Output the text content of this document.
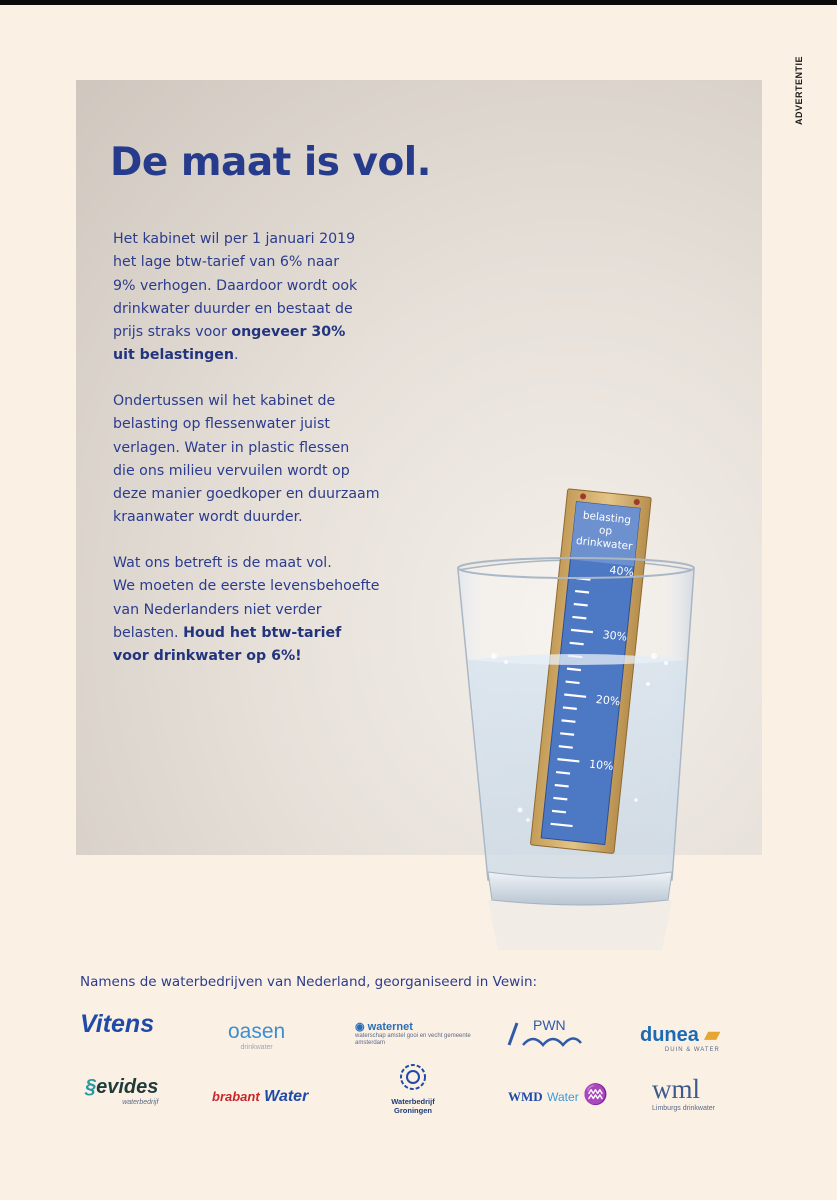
ADVERTENTIE
De maat is vol.

Het kabinet wil per 1 januari 2019
het lage btw-tarief van 6% naar
9% verhogen. Daardoor wordt ook
drinkwater duurder en bestaat de
prijs straks voor ongeveer 30%
uit belastingen.

Ondertussen wil het kabinet de
belasting op flessenwater juist
verlagen. Water in plastic flessen
die ons milieu vervuilen wordt op
deze manier goedkoper en duurzaam
kraanwater wordt duurder.

Wat ons betreft is de maat vol.
We moeten de eerste levensbehoefte
van Nederlanders niet verder
belasten. Houd het btw-tarief
voor drinkwater op 6%!

belasting
op
drinkwater
40%
30%
20%
10%

Namens de waterbedrijven van Nederland, georganiseerd in Vewin:

Vitens	oasen
drinkwater
◉ waternet
waterschap amstel gooi en vecht gemeente amsterdam
PWN	dunea ▰
DUIN & WATER
§evides
waterbedrijf	brabant Water	Waterbedrijf
Groningen
WMD Water ♒ wml
Limburgs drinkwater
